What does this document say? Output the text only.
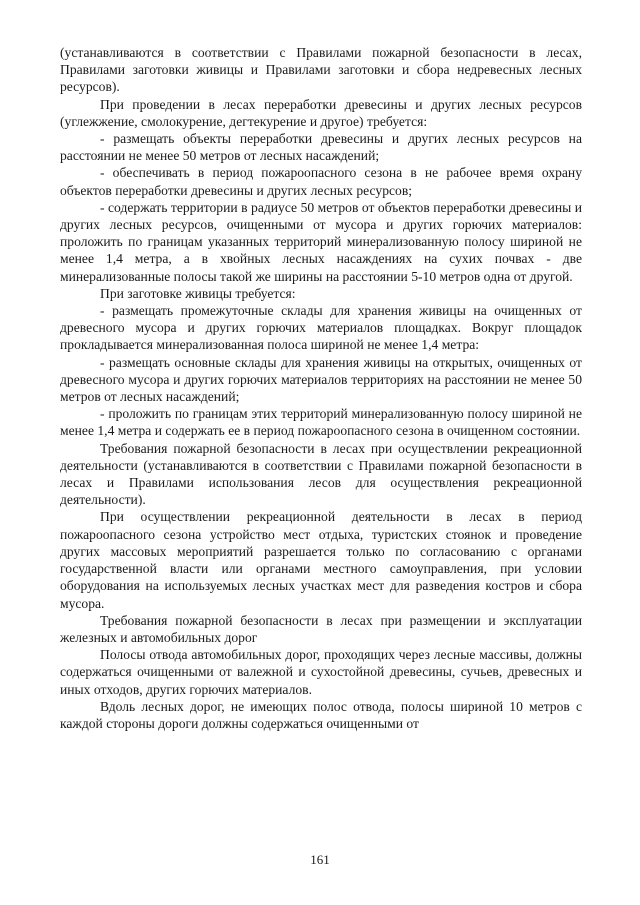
(устанавливаются в соответствии с Правилами пожарной безопасности в лесах, Правилами заготовки живицы и Правилами заготовки и сбора недревесных лесных ресурсов).

При проведении в лесах переработки древесины и других лесных ресурсов (углежжение, смолокурение, дегтекурение и другое) требуется:

- размещать объекты переработки древесины и других лесных ресурсов на расстоянии не менее 50 метров от лесных насаждений;

- обеспечивать в период пожароопасного сезона в не рабочее время охрану объектов переработки древесины и других лесных ресурсов;

- содержать территории в радиусе 50 метров от объектов переработки древесины и других лесных ресурсов, очищенными от мусора и других горючих материалов: проложить по границам указанных территорий минерализованную полосу шириной не менее 1,4 метра, а в хвойных лесных насаждениях на сухих почвах - две минерализованные полосы такой же ширины на расстоянии 5-10 метров одна от другой.

При заготовке живицы требуется:

- размещать промежуточные склады для хранения живицы на очищенных от древесного мусора и других горючих материалов площадках. Вокруг площадок прокладывается минерализованная полоса шириной не менее 1,4 метра:

- размещать основные склады для хранения живицы на открытых, очищенных от древесного мусора и других горючих материалов территориях на расстоянии не менее 50 метров от лесных насаждений;

- проложить по границам этих территорий минерализованную полосу шириной не менее 1,4 метра и содержать ее в период пожароопасного сезона в очищенном состоянии.

Требования пожарной безопасности в лесах при осуществлении рекреационной деятельности (устанавливаются в соответствии с Правилами пожарной безопасности в лесах и Правилами использования лесов для осуществления рекреационной деятельности).

При осуществлении рекреационной деятельности в лесах в период пожароопасного сезона устройство мест отдыха, туристских стоянок и проведение других массовых мероприятий разрешается только по согласованию с органами государственной власти или органами местного самоуправления, при условии оборудования на используемых лесных участках мест для разведения костров и сбора мусора.

Требования пожарной безопасности в лесах при размещении и эксплуатации железных и автомобильных дорог

Полосы отвода автомобильных дорог, проходящих через лесные массивы, должны содержаться очищенными от валежной и сухостойной древесины, сучьев, древесных и иных отходов, других горючих материалов.

Вдоль лесных дорог, не имеющих полос отвода, полосы шириной 10 метров с каждой стороны дороги должны содержаться очищенными от

161
